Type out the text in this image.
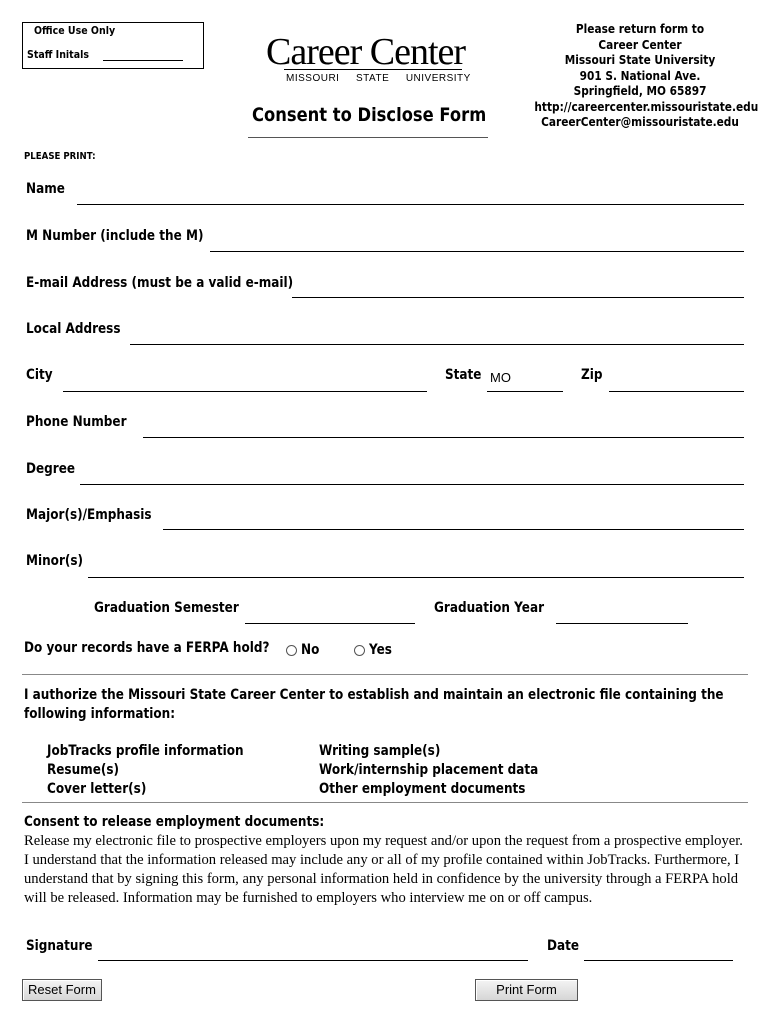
Office Use Only
Staff Initals	Career Center
MISSOURI STATE UNIVERSITY
Consent to Disclose Form
Please return form to
Career Center
Missouri State University
901 S. National Ave.
Springfield, MO 65897
http://careercenter.missouristate.edu
CareerCenter@missouristate.edu
PLEASE PRINT:
Name
M Number (include the M)
E-mail Address (must be a valid e-mail)
Local Address
City	State MO	Zip
Phone Number
Degree
Major(s)/Emphasis
Minor(s)
Graduation Semester	Graduation Year
Do your records have a FERPA hold? No	Yes
I authorize the Missouri State Career Center to establish and maintain an electronic file containing the following information:
JobTracks profile information
Resume(s)
Cover letter(s)
Writing sample(s)
Work/internship placement data
Other employment documents
Consent to release employment documents:
Release my electronic file to prospective employers upon my request and/or upon the request from a prospective employer. I understand that the information released may include any or all of my profile contained within JobTracks. Furthermore, I understand that by signing this form, any personal information held in confidence by the university through a FERPA hold will be released. Information may be furnished to employers who interview me on or off campus.
Signature	Date
Reset Form	Print Form
